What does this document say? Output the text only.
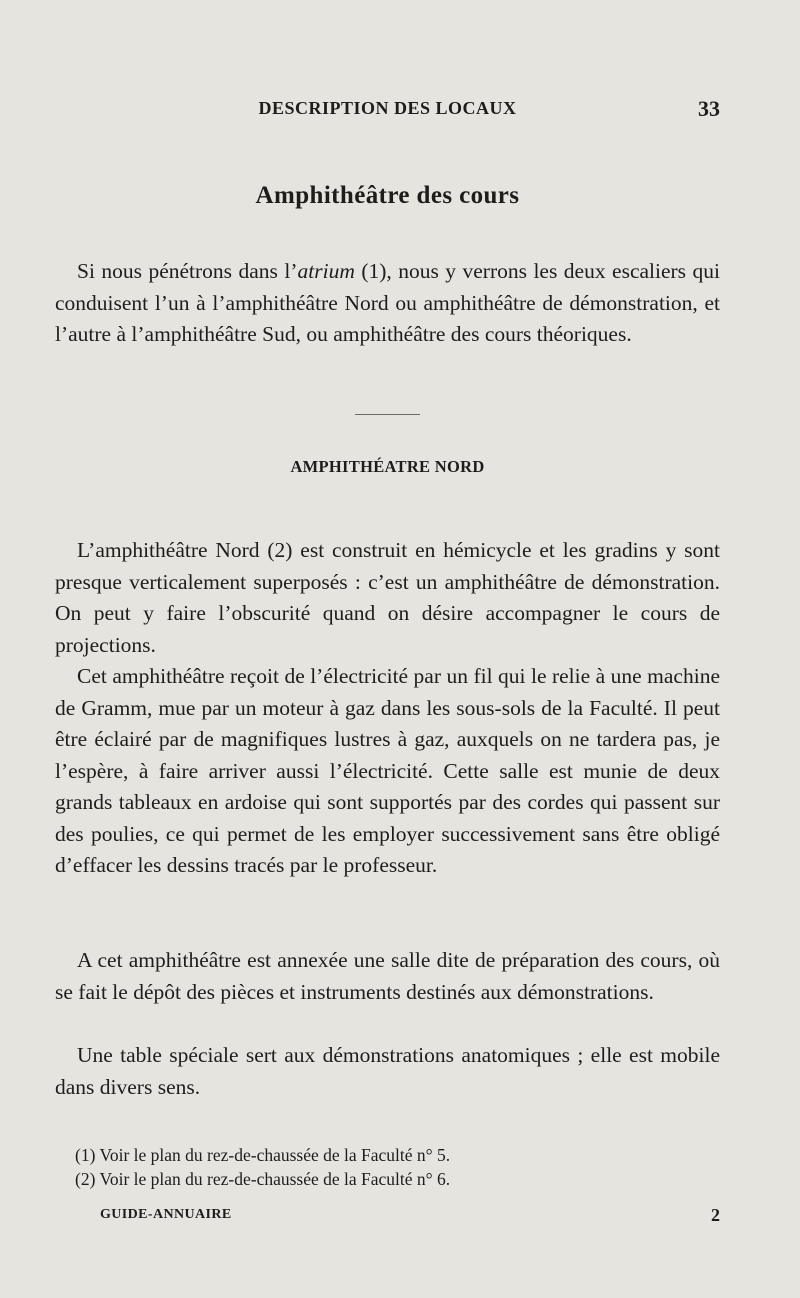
DESCRIPTION DES LOCAUX	33
Amphithéâtre des cours

Si nous pénétrons dans l’atrium (1), nous y verrons les deux escaliers qui conduisent l’un à l’amphithéâtre Nord ou amphithéâtre de démonstration, et l’autre à l’amphithéâtre Sud, ou amphithéâtre des cours théoriques.

AMPHITHÉATRE NORD

L’amphithéâtre Nord (2) est construit en hémicycle et les gradins y sont presque verticalement superposés : c’est un amphithéâtre de démonstration. On peut y faire l’obscurité quand on désire accompagner le cours de projections.

Cet amphithéâtre reçoit de l’électricité par un fil qui le relie à une machine de Gramm, mue par un moteur à gaz dans les sous-sols de la Faculté. Il peut être éclairé par de magnifiques lustres à gaz, auxquels on ne tardera pas, je l’espère, à faire arriver aussi l’électricité. Cette salle est munie de deux grands tableaux en ardoise qui sont supportés par des cordes qui passent sur des poulies, ce qui permet de les employer successivement sans être obligé d’effacer les dessins tracés par le professeur.

A cet amphithéâtre est annexée une salle dite de préparation des cours, où se fait le dépôt des pièces et instruments destinés aux démonstrations.

Une table spéciale sert aux démonstrations anatomiques ; elle est mobile dans divers sens.

(1) Voir le plan du rez-de-chaussée de la Faculté n° 5.

(2) Voir le plan du rez-de-chaussée de la Faculté n° 6.

GUIDE-ANNUAIRE	2
